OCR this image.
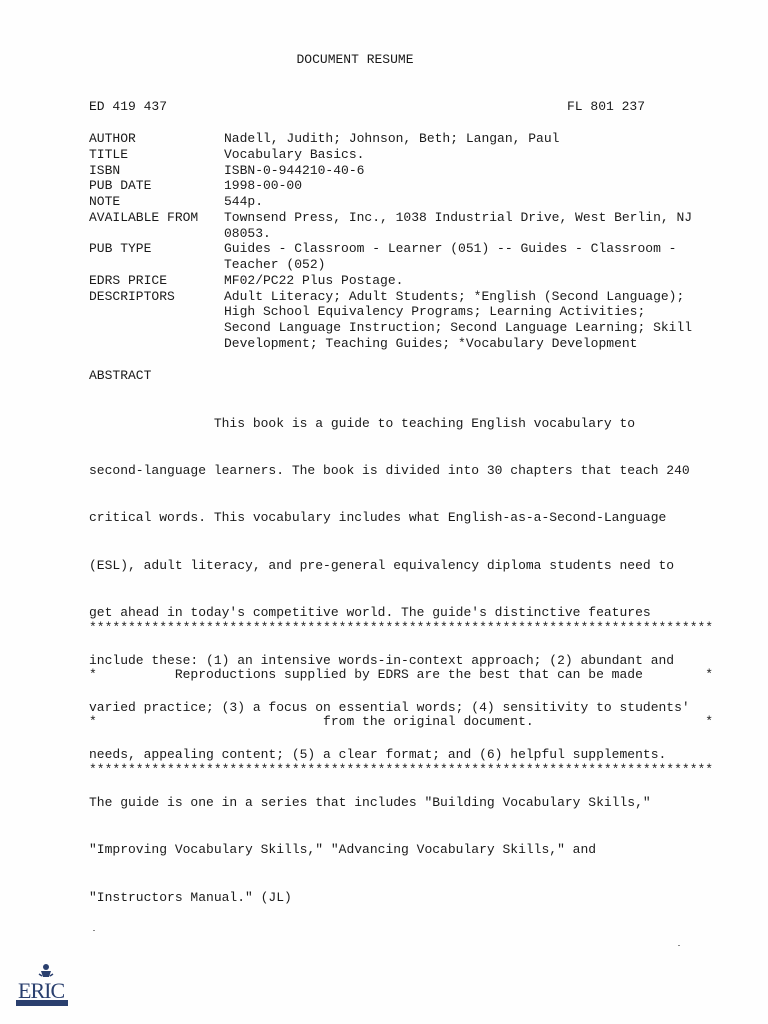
DOCUMENT RESUME
ED 419 437	FL 801 237
AUTHOR	Nadell, Judith; Johnson, Beth; Langan, Paul
TITLE	Vocabulary Basics.
ISBN	ISBN-0-944210-40-6
PUB DATE	1998-00-00
NOTE	544p.
AVAILABLE FROM Townsend Press, Inc., 1038 Industrial Drive, West Berlin, NJ
08053.
PUB TYPE	Guides - Classroom - Learner (051) -- Guides - Classroom -
Teacher (052)
EDRS PRICE	MF02/PC22 Plus Postage.
DESCRIPTORS	Adult Literacy; Adult Students; *English (Second Language);
High School Equivalency Programs; Learning Activities;
Second Language Instruction; Second Language Learning; Skill
Development; Teaching Guides; *Vocabulary Development
ABSTRACT

This book is a guide to teaching English vocabulary to

second-language learners. The book is divided into 30 chapters that teach 240

critical words. This vocabulary includes what English-as-a-Second-Language

(ESL), adult literacy, and pre-general equivalency diploma students need to

get ahead in today's competitive world. The guide's distinctive features

include these: (1) an intensive words-in-context approach; (2) abundant and

varied practice; (3) a focus on essential words; (4) sensitivity to students'

needs, appealing content; (5) a clear format; and (6) helpful supplements.

The guide is one in a series that includes "Building Vocabulary Skills,"

"Improving Vocabulary Skills," "Advancing Vocabulary Skills," and

"Instructors Manual." (JL)

********************************************************************************

*          Reproductions supplied by EDRS are the best that can be made        *

*                             from the original document.                      *

********************************************************************************

ERIC
